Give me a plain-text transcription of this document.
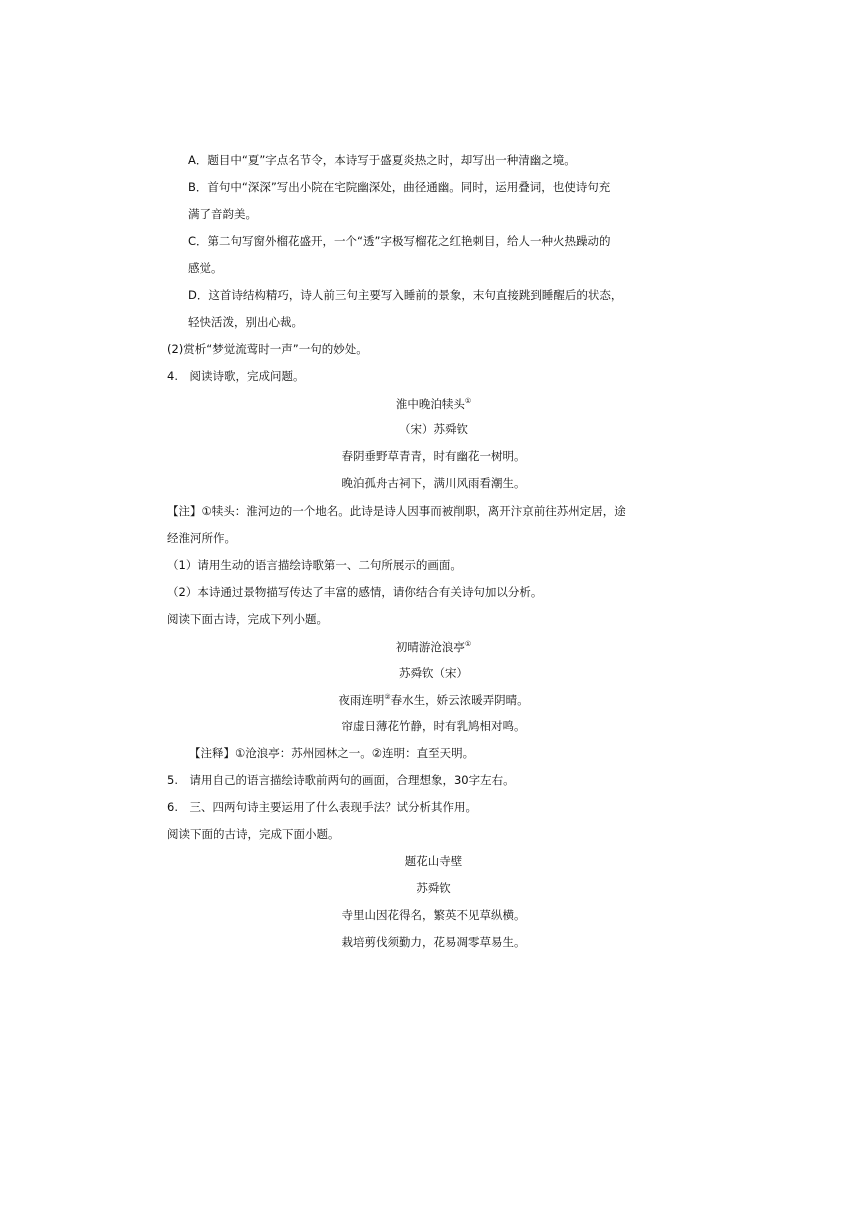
A．题目中“夏”字点名节令，本诗写于盛夏炎热之时，却写出一种清幽之境。
B．首句中“深深”写出小院在宅院幽深处，曲径通幽。同时，运用叠词，也使诗句充
满了音韵美。
C．第二句写窗外榴花盛开，一个“透”字极写榴花之红艳刺目，给人一种火热躁动的
感觉。
D．这首诗结构精巧，诗人前三句主要写入睡前的景象，末句直接跳到睡醒后的状态，
轻快活泼，别出心裁。
(2)赏析“梦觉流莺时一声”一句的妙处。
4.　阅读诗歌，完成问题。
淮中晚泊犊头①
（宋）苏舜钦
春阴垂野草青青，时有幽花一树明。
晚泊孤舟古祠下，满川风雨看潮生。
【注】①犊头：淮河边的一个地名。此诗是诗人因事而被削职，离开汴京前往苏州定居，途
经淮河所作。
（1）请用生动的语言描绘诗歌第一、二句所展示的画面。
（2）本诗通过景物描写传达了丰富的感情，请你结合有关诗句加以分析。
阅读下面古诗，完成下列小题。
初晴游沧浪亭①
苏舜钦（宋）
夜雨连明②春水生，娇云浓暖弄阴晴。
帘虚日薄花竹静，时有乳鸠相对鸣。
【注释】①沧浪亭：苏州园林之一。②连明：直至天明。
5.　请用自己的语言描绘诗歌前两句的画面，合理想象，30字左右。
6.　三、四两句诗主要运用了什么表现手法？试分析其作用。
阅读下面的古诗，完成下面小题。
题花山寺壁
苏舜钦
寺里山因花得名，繁英不见草纵横。
栽培剪伐须勤力，花易凋零草易生。
